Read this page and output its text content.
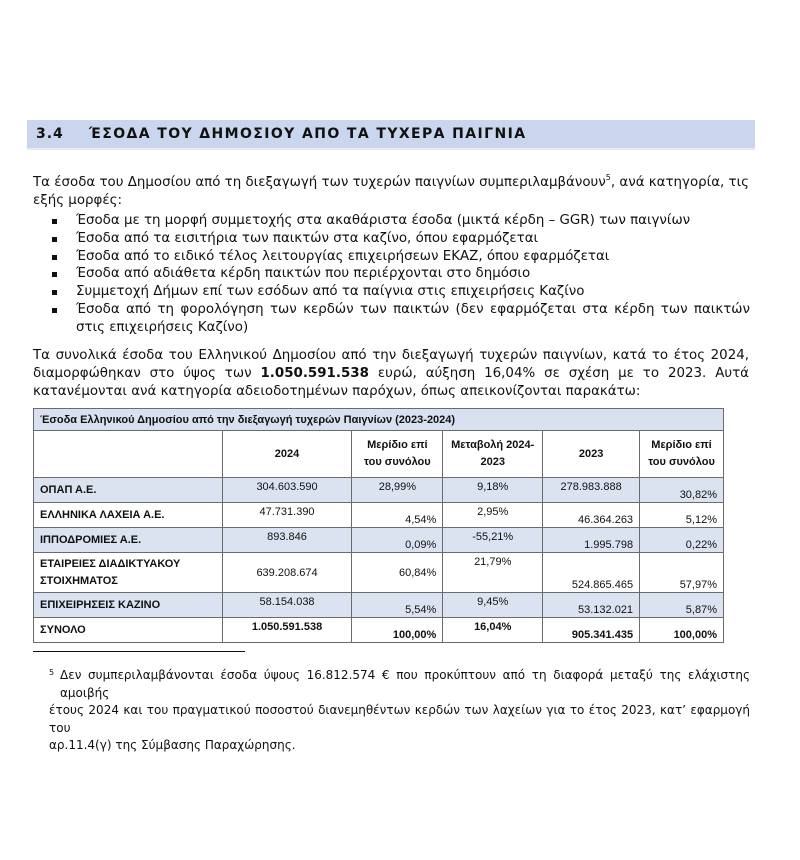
3.4 ΈΣΟΔΑ ΤΟΥ ΔΗΜΟΣΙΟΥ ΑΠΟ ΤΑ ΤΥΧΕΡΑ ΠΑΙΓΝΙΑ
Τα έσοδα του Δημοσίου από τη διεξαγωγή των τυχερών παιγνίων συμπεριλαμβάνουν$^5$, ανά κατηγορία, τις εξής μορφές:
Έσοδα με τη μορφή συμμετοχής στα ακαθάριστα έσοδα (μικτά κέρδη – GGR) των παιγνίων
Έσοδα από τα εισιτήρια των παικτών στα καζίνο, όπου εφαρμόζεται
Έσοδα από το ειδικό τέλος λειτουργίας επιχειρήσεων ΕΚΑΖ, όπου εφαρμόζεται
Έσοδα από αδιάθετα κέρδη παικτών που περιέρχονται στο δημόσιο
Συμμετοχή Δήμων επί των εσόδων από τα παίγνια στις επιχειρήσεις Καζίνο
Έσοδα από τη φορολόγηση των κερδών των παικτών (δεν εφαρμόζεται στα κέρδη των παικτών στις επιχειρήσεις Καζίνο)
Τα συνολικά έσοδα του Ελληνικού Δημοσίου από την διεξαγωγή τυχερών παιγνίων, κατά το έτος 2024, διαμορφώθηκαν στο ύψος των 1.050.591.538 ευρώ, αύξηση 16,04% σε σχέση με το 2023. Αυτά κατανέμονται ανά κατηγορία αδειοδοτημένων παρόχων, όπως απεικονίζονται παρακάτω:
Έσοδα Ελληνικού Δημοσίου από την διεξαγωγή τυχερών Παιγνίων (2023-2024)					
	2024	Μερίδιο επί του συνόλου	Μεταβολή 2024-2023	2023	Μερίδιο επί του συνόλου
ΟΠΑΠ Α.Ε.	304.603.590	28,99%	9,18%	278.983.888	30,82%
ΕΛΛΗΝΙΚΑ ΛΑΧΕΙΑ Α.Ε.	47.731.390	4,54%	2,95%	46.364.263	5,12%
ΙΠΠΟΔΡΟΜΙΕΣ Α.Ε.	893.846	0,09%	-55,21%	1.995.798	0,22%
ΕΤΑΙΡΕΙΕΣ ΔΙΑΔΙΚΤΥΑΚΟΥ ΣΤΟΙΧΗΜΑΤΟΣ	639.208.674	60,84%	21,79%	524.865.465	57,97%
ΕΠΙΧΕΙΡΗΣΕΙΣ ΚΑΖΙΝΟ	58.154.038	5,54%	9,45%	53.132.021	5,87%
ΣΥΝΟΛΟ	1.050.591.538	100,00%	16,04%	905.341.435	100,00%
5 Δεν συμπεριλαμβάνονται έσοδα ύψους 16.812.574 € που προκύπτουν από τη διαφορά μεταξύ της ελάχιστης αμοιβής
έτους 2024 και του πραγματικού ποσοστού διανεμηθέντων κερδών των λαχείων για το έτος 2023, κατ’ εφαρμογή του
αρ.11.4(γ) της Σύμβασης Παραχώρησης.
